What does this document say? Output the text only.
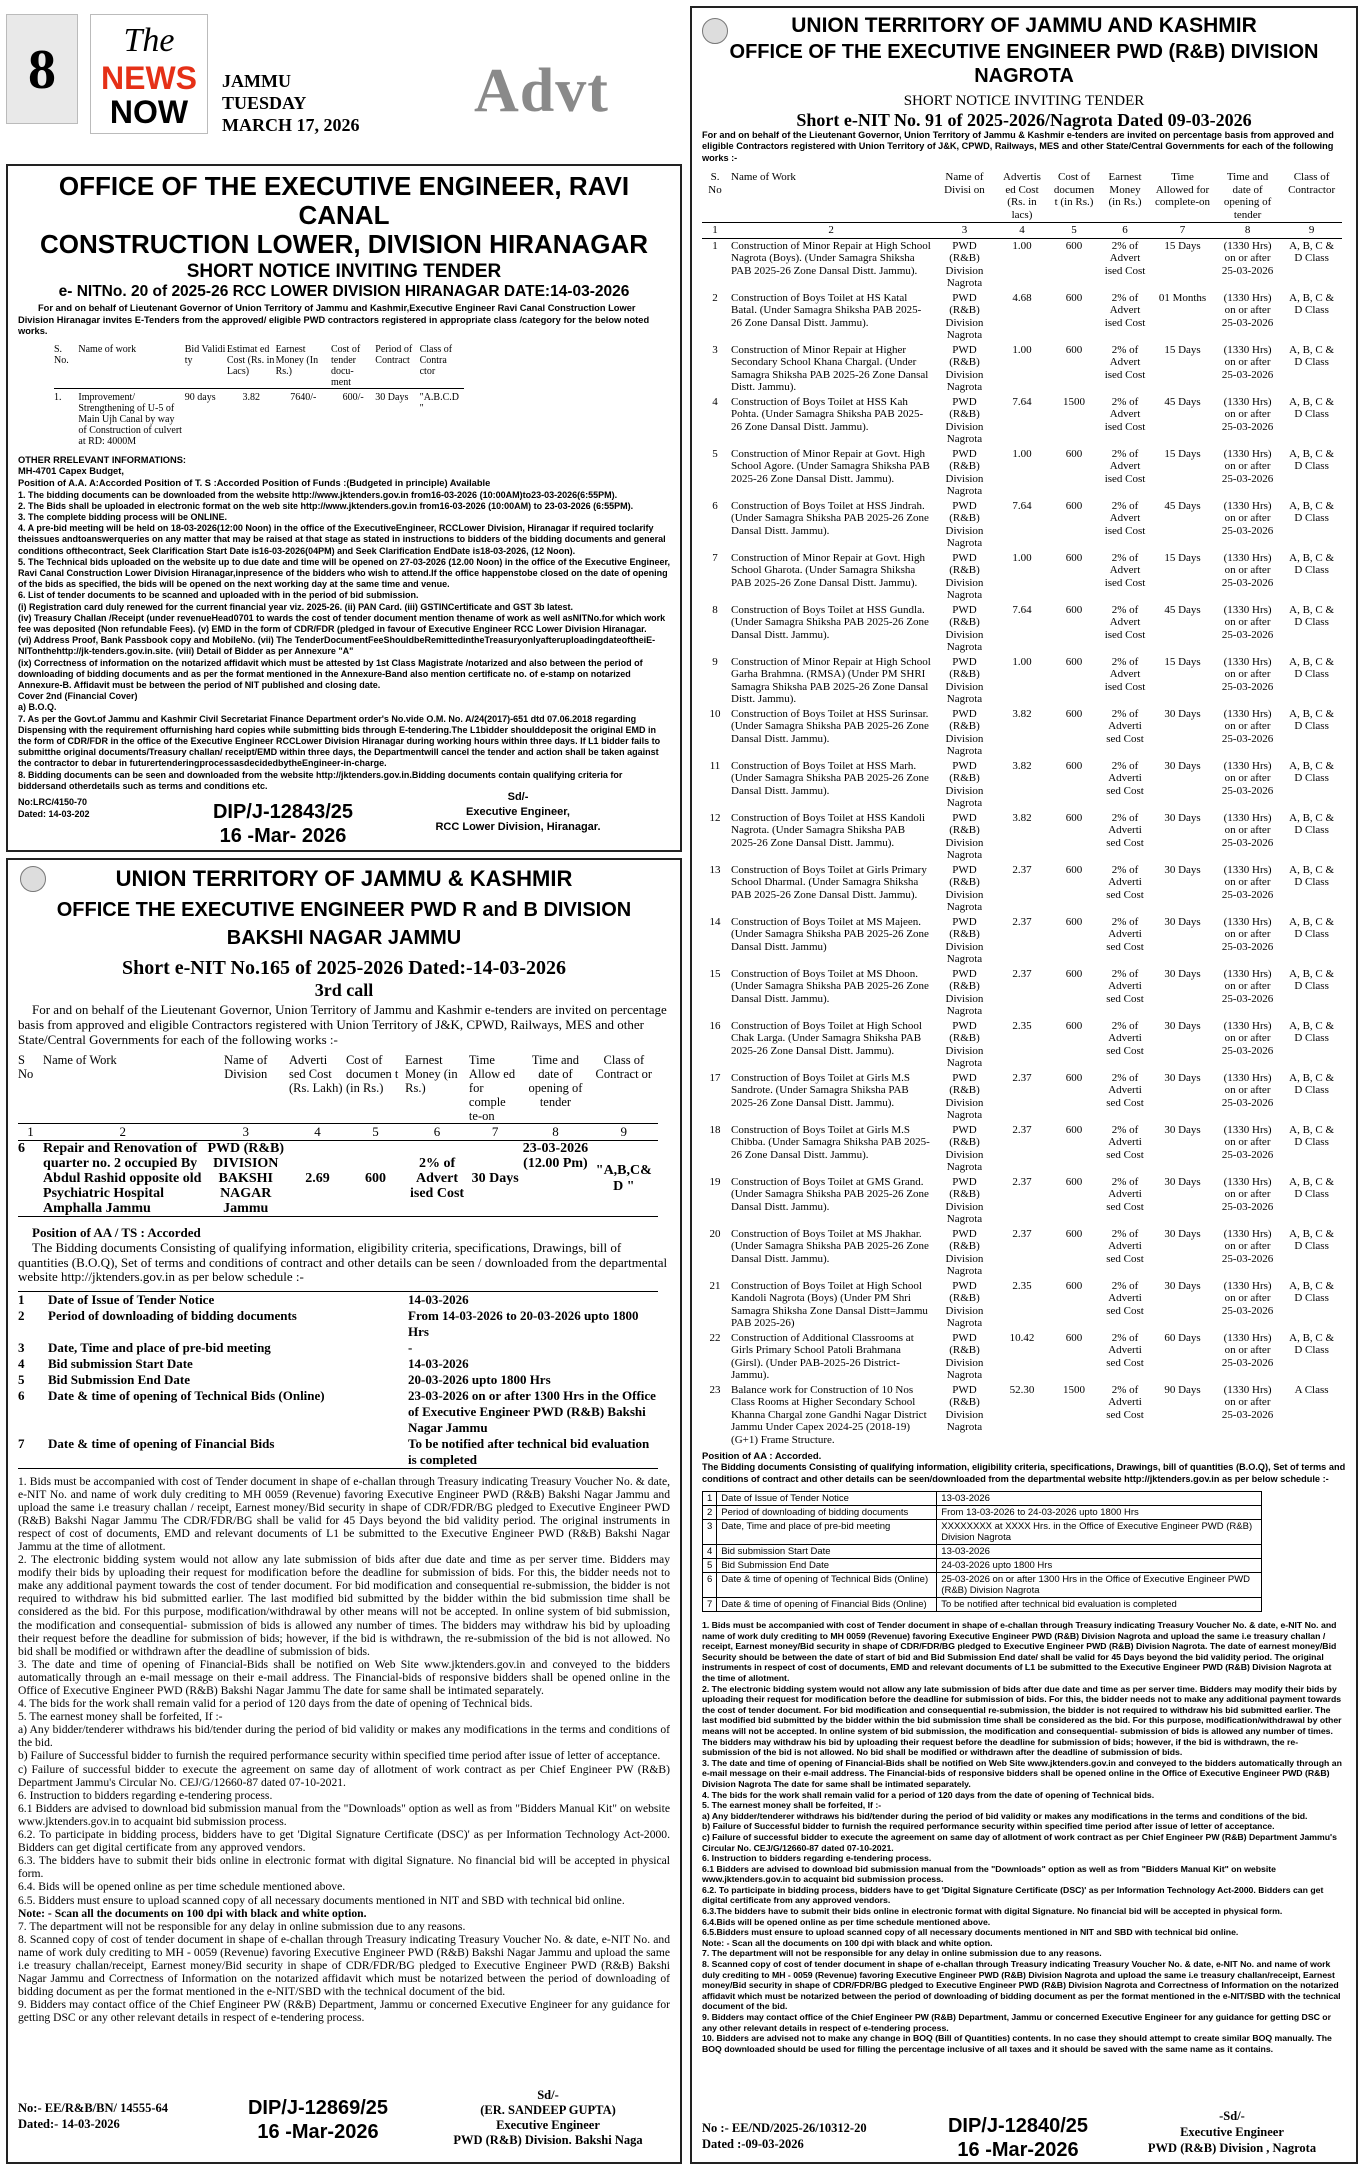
8	The
NEWS
NOW
JAMMU
TUESDAY
MARCH 17, 2026 Advt
OFFICE OF THE EXECUTIVE ENGINEER, RAVI CANAL
CONSTRUCTION LOWER, DIVISION HIRANAGAR
SHORT NOTICE INVITING TENDER
e- NITNo. 20 of 2025-26 RCC LOWER DIVISION HIRANAGAR DATE:14-03-2026
For and on behalf of Lieutenant Governor of Union Territory of Jammu and Kashmir,Executive Engineer Ravi Canal Construction Lower Division Hiranagar invites E-Tenders from the approved/ eligible PWD contractors registered in appropriate class /category for the below noted works.
S. No.	Name of work	Bid Validi ty	Estimat ed Cost (Rs. in Lacs)	Earnest Money (In Rs.)	Cost of tender docu- ment	Period of Contract	Class of Contra ctor
1.	Improvement/ Strengthening of U-5 of Main Ujh Canal by way of Construction of culvert at RD: 4000M	90 days	3.82	7640/-	600/-	30 Days	"A.B.C.D "
OTHER RRELEVANT INFORMATIONS:
MH-4701 Capex Budget,
Position of A.A. A:Accorded Position of T. S :Accorded Position of Funds :(Budgeted in principle) Available

1. The bidding documents can be downloaded from the website http://www.jktenders.gov.in from16-03-2026 (10:00AM)to23-03-2026(6:55PM).

2. The Bids shall be uploaded in electronic format on the web site http://www.jktenders.gov.in from16-03-2026 (10:00AM) to 23-03-2026 (6:55PM).

3. The complete bidding process will be ONLINE.

4. A pre-bid meeting will be held on 18-03-2026(12:00 Noon) in the office of the ExecutiveEngineer, RCCLower Division, Hiranagar if required toclarify theissues andtoanswerqueries on any matter that may be raised at that stage as stated in instructions to bidders of the bidding documents and general conditions ofthecontract, Seek Clarification Start Date is16-03-2026(04PM) and Seek Clarification EndDate is18-03-2026, (12 Noon).

5. The Technical bids uploaded on the website up to due date and time will be opened on 27-03-2026 (12.00 Noon) in the office of the Executive Engineer, Ravi Canal Construction Lower Division Hiranagar,inpresence of the bidders who wish to attend.If the office happenstobe closed on the date of opening of the bids as specified, the bids will be opened on the next working day at the same time and venue.

6. List of tender documents to be scanned and uploaded with in the period of bid submission.

(i) Registration card duly renewed for the current financial year viz. 2025-26. (ii) PAN Card. (iii) GSTINCertificate and GST 3b latest.

(iv) Treasury Challan /Receipt (under revenueHead0701 to wards the cost of tender document mention thename of work as well asNITNo.for which work fee was deposited (Non refundable Fees). (v) EMD in the form of CDR/FDR (pledged in favour of Executive Engineer RCC Lower Division Hiranagar.

(vi) Address Proof, Bank Passbook copy and MobileNo. (vii) The TenderDocumentFeeShouldbeRemittedintheTreasuryonlyafteruploadingdateoftheiE-NITonthehttp://jk-tenders.gov.in.site. (viii) Detail of Bidder as per Annexure "A"

(ix) Correctness of information on the notarized affidavit which must be attested by 1st Class Magistrate /notarized and also between the period of downloading of bidding documents and as per the format mentioned in the Annexure-Band also mention certificate no. of e-stamp on notarized Annexure-B. Affidavit must be between the period of NIT published and closing date.

Cover 2nd (Financial Cover)

a) B.O.Q.

7. As per the Govt.of Jammu and Kashmir Civil Secretariat Finance Department order's No.vide O.M. No. A/24(2017)-651 dtd 07.06.2018 regarding Dispensing with the requirement offurnishing hard copies while submitting bids through E-tendering.The L1bidder shoulddeposit the original EMD in the form of CDR/FDR in the office of the Executive Engineer RCCLower Division Hiranagar during working hours within three days. If L1 bidder fails to submitthe original documents/Treasury challan/ receipt/EMD within three days, the Departmentwill cancel the tender and action shall be taken against the contractor to debar in futurertenderingprocessasdecidedbytheEngineer-in-charge.

8. Bidding documents can be seen and downloaded from the website http://jktenders.gov.in.Bidding documents contain qualifying criteria for biddersand otherdetails such as terms and conditions etc.

No:LRC/4150-70
Dated: 14-03-202	DIP/J-12843/25
16 -Mar- 2026
Sd/-
Executive Engineer,
RCC Lower Division, Hiranagar.
UNION TERRITORY OF JAMMU & KASHMIR
OFFICE THE EXECUTIVE ENGINEER PWD R and B DIVISION BAKSHI NAGAR JAMMU
Short e-NIT No.165 of 2025-2026 Dated:-14-03-2026
3rd call
For and on behalf of the Lieutenant Governor, Union Territory of Jammu and Kashmir e-tenders are invited on percentage basis from approved and eligible Contractors registered with Union Territory of J&K, CPWD, Railways, MES and other State/Central Governments for each of the following works :-
S No	Name of Work	Name of Division	Adverti sed Cost (Rs. Lakh)	Cost of documen t (in Rs.)	Earnest Money (in Rs.)	Time Allow ed for comple te-on	Time and date of opening of tender	Class of Contract or
1	2	3	4	5	6	7	8	9
6	Repair and Renovation of quarter no. 2 occupied By Abdul Rashid opposite old Psychiatric Hospital Amphalla Jammu	PWD (R&B) DIVISION BAKSHI NAGAR Jammu	2.69	600	2% of Advert ised Cost	30 Days	23-03-2026 (12.00 Pm)	"A,B,C& D "
Position of AA / TS : Accorded
The Bidding documents Consisting of qualifying information, eligibility criteria, specifications, Drawings, bill of quantities (B.O.Q), Set of terms and conditions of contract and other details can be seen / downloaded from the departmental website http://jktenders.gov.in as per below schedule :-
1	Date of Issue of Tender Notice	14-03-2026
2	Period of downloading of bidding documents	From 14-03-2026 to 20-03-2026 upto 1800 Hrs
3	Date, Time and place of pre-bid meeting	-
4	Bid submission Start Date	14-03-2026
5	Bid Submission End Date	20-03-2026 upto 1800 Hrs
6	Date & time of opening of Technical Bids (Online)	23-03-2026 on or after 1300 Hrs in the Office of Executive Engineer PWD (R&B) Bakshi Nagar Jammu
7	Date & time of opening of Financial Bids	To be notified after technical bid evaluation is completed

1. Bids must be accompanied with cost of Tender document in shape of e-challan through Treasury indicating Treasury Voucher No. & date, e-NIT No. and name of work duly crediting to MH 0059 (Revenue) favoring Executive Engineer PWD (R&B) Bakshi Nagar Jammu and upload the same i.e treasury challan / receipt, Earnest money/Bid security in shape of CDR/FDR/BG pledged to Executive Engineer PWD (R&B) Bakshi Nagar Jammu The CDR/FDR/BG shall be valid for 45 Days beyond the bid validity period. The original instruments in respect of cost of documents, EMD and relevant documents of L1 be submitted to the Executive Engineer PWD (R&B) Bakshi Nagar Jammu at the time of allotment.

2. The electronic bidding system would not allow any late submission of bids after due date and time as per server time. Bidders may modify their bids by uploading their request for modification before the deadline for submission of bids. For this, the bidder needs not to make any additional payment towards the cost of tender document. For bid modification and consequential re-submission, the bidder is not required to withdraw his bid submitted earlier. The last modified bid submitted by the bidder within the bid submission time shall be considered as the bid. For this purpose, modification/withdrawal by other means will not be accepted. In online system of bid submission, the modification and consequential- submission of bids is allowed any number of times. The bidders may withdraw his bid by uploading their request before the deadline for submission of bids; however, if the bid is withdrawn, the re-submission of the bid is not allowed. No bid shall be modified or withdrawn after the deadline of submission of bids.

3. The date and time of opening of Financial-Bids shall be notified on Web Site www.jktenders.gov.in and conveyed to the bidders automatically through an e-mail message on their e-mail address. The Financial-bids of responsive bidders shall be opened online in the Office of Executive Engineer PWD (R&B) Bakshi Nagar Jammu The date for same shall be intimated separately.

4. The bids for the work shall remain valid for a period of 120 days from the date of opening of Technical bids.

5. The earnest money shall be forfeited, If :-

a) Any bidder/tenderer withdraws his bid/tender during the period of bid validity or makes any modifications in the terms and conditions of the bid.

b) Failure of Successful bidder to furnish the required performance security within specified time period after issue of letter of acceptance.

c) Failure of successful bidder to execute the agreement on same day of allotment of work contract as per Chief Engineer PW (R&B) Department Jammu's Circular No. CEJ/G/12660-87 dated 07-10-2021.

6. Instruction to bidders regarding e-tendering process.

6.1 Bidders are advised to download bid submission manual from the "Downloads" option as well as from "Bidders Manual Kit" on website www.jktenders.gov.in to acquaint bid submission process.

6.2. To participate in bidding process, bidders have to get 'Digital Signature Certificate (DSC)' as per Information Technology Act-2000. Bidders can get digital certificate from any approved vendors.

6.3. The bidders have to submit their bids online in electronic format with digital Signature. No financial bid will be accepted in physical form.

6.4. Bids will be opened online as per time schedule mentioned above.

6.5. Bidders must ensure to upload scanned copy of all necessary documents mentioned in NIT and SBD with technical bid online.

Note: - Scan all the documents on 100 dpi with black and white option.

7. The department will not be responsible for any delay in online submission due to any reasons.

8. Scanned copy of cost of tender document in shape of e-challan through Treasury indicating Treasury Voucher No. & date, e-NIT No. and name of work duly crediting to MH - 0059 (Revenue) favoring Executive Engineer PWD (R&B) Bakshi Nagar Jammu and upload the same i.e treasury challan/receipt, Earnest money/Bid security in shape of CDR/FDR/BG pledged to Executive Engineer PWD (R&B) Bakshi Nagar Jammu and Correctness of Information on the notarized affidavit which must be notarized between the period of downloading of bidding document as per the format mentioned in the e-NIT/SBD with the technical document of the bid.

9. Bidders may contact office of the Chief Engineer PW (R&B) Department, Jammu or concerned Executive Engineer for any guidance for getting DSC or any other relevant details in respect of e-tendering process.

No:- EE/R&B/BN/ 14555-64
Dated:- 14-03-2026
DIP/J-12869/25
16 -Mar-2026
Sd/-
(ER. SANDEEP GUPTA)
Executive Engineer
PWD (R&B) Division. Bakshi Naga
UNION TERRITORY OF JAMMU AND KASHMIR
OFFICE OF THE EXECUTIVE ENGINEER PWD (R&B) DIVISION NAGROTA
SHORT NOTICE INVITING TENDER
Short e-NIT No. 91 of 2025-2026/Nagrota Dated 09-03-2026
For and on behalf of the Lieutenant Governor, Union Territory of Jammu & Kashmir e-tenders are invited on percentage basis from approved and eligible Contractors registered with Union Territory of J&K, CPWD, Railways, MES and other State/Central Governments for each of the following works :-
S. No	Name of Work	Name of Divisi on	Advertis ed Cost (Rs. in lacs)	Cost of documen t (in Rs.)	Earnest Money (in Rs.)	Time Allowed for complete-on	Time and date of opening of tender	Class of Contractor
1	2	3	4	5	6	7	8	9
1	Construction of Minor Repair at High School Nagrota (Boys). (Under Samagra Shiksha PAB 2025-26 Zone Dansal Distt. Jammu).	PWD (R&B) Division Nagrota	1.00	600	2% of Advert ised Cost	15 Days	(1330 Hrs) on or after 25-03-2026	A, B, C & D Class
2	Construction of Boys Toilet at HS Katal Batal. (Under Samagra Shiksha PAB 2025-26 Zone Dansal Distt. Jammu).	PWD (R&B) Division Nagrota	4.68	600	2% of Advert ised Cost	01 Months	(1330 Hrs) on or after 25-03-2026	A, B, C & D Class
3	Construction of Minor Repair at Higher Secondary School Khana Chargal. (Under Samagra Shiksha PAB 2025-26 Zone Dansal Distt. Jammu).	PWD (R&B) Division Nagrota	1.00	600	2% of Advert ised Cost	15 Days	(1330 Hrs) on or after 25-03-2026	A, B, C & D Class
4	Construction of Boys Toilet at HSS Kah Pohta. (Under Samagra Shiksha PAB 2025-26 Zone Dansal Distt. Jammu).	PWD (R&B) Division Nagrota	7.64	1500	2% of Advert ised Cost	45 Days	(1330 Hrs) on or after 25-03-2026	A, B, C & D Class
5	Construction of Minor Repair at Govt. High School Agore. (Under Samagra Shiksha PAB 2025-26 Zone Dansal Distt. Jammu).	PWD (R&B) Division Nagrota	1.00	600	2% of Advert ised Cost	15 Days	(1330 Hrs) on or after 25-03-2026	A, B, C & D Class
6	Construction of Boys Toilet at HSS Jindrah. (Under Samagra Shiksha PAB 2025-26 Zone Dansal Distt. Jammu).	PWD (R&B) Division Nagrota	7.64	600	2% of Advert ised Cost	45 Days	(1330 Hrs) on or after 25-03-2026	A, B, C & D Class
7	Construction of Minor Repair at Govt. High School Gharota. (Under Samagra Shiksha PAB 2025-26 Zone Dansal Distt. Jammu).	PWD (R&B) Division Nagrota	1.00	600	2% of Advert ised Cost	15 Days	(1330 Hrs) on or after 25-03-2026	A, B, C & D Class
8	Construction of Boys Toilet at HSS Gundla. (Under Samagra Shiksha PAB 2025-26 Zone Dansal Distt. Jammu).	PWD (R&B) Division Nagrota	7.64	600	2% of Advert ised Cost	45 Days	(1330 Hrs) on or after 25-03-2026	A, B, C & D Class
9	Construction of Minor Repair at High School Garha Brahmna. (RMSA) (Under PM SHRI Samagra Shiksha PAB 2025-26 Zone Dansal Distt. Jammu).	PWD (R&B) Division Nagrota	1.00	600	2% of Advert ised Cost	15 Days	(1330 Hrs) on or after 25-03-2026	A, B, C & D Class
10	Construction of Boys Toilet at HSS Surinsar. (Under Samagra Shiksha PAB 2025-26 Zone Dansal Distt. Jammu).	PWD (R&B) Division Nagrota	3.82	600	2% of Adverti sed Cost	30 Days	(1330 Hrs) on or after 25-03-2026	A, B, C & D Class
11	Construction of Boys Toilet at HSS Marh. (Under Samagra Shiksha PAB 2025-26 Zone Dansal Distt. Jammu).	PWD (R&B) Division Nagrota	3.82	600	2% of Adverti sed Cost	30 Days	(1330 Hrs) on or after 25-03-2026	A, B, C & D Class
12	Construction of Boys Toilet at HSS Kandoli Nagrota. (Under Samagra Shiksha PAB 2025-26 Zone Dansal Distt. Jammu).	PWD (R&B) Division Nagrota	3.82	600	2% of Adverti sed Cost	30 Days	(1330 Hrs) on or after 25-03-2026	A, B, C & D Class
13	Construction of Boys Toilet at Girls Primary School Dharmal. (Under Samagra Shiksha PAB 2025-26 Zone Dansal Distt. Jammu).	PWD (R&B) Division Nagrota	2.37	600	2% of Adverti sed Cost	30 Days	(1330 Hrs) on or after 25-03-2026	A, B, C & D Class
14	Construction of Boys Toilet at MS Majeen. (Under Samagra Shiksha PAB 2025-26 Zone Dansal Distt. Jammu)	PWD (R&B) Division Nagrota	2.37	600	2% of Adverti sed Cost	30 Days	(1330 Hrs) on or after 25-03-2026	A, B, C & D Class
15	Construction of Boys Toilet at MS Dhoon. (Under Samagra Shiksha PAB 2025-26 Zone Dansal Distt. Jammu).	PWD (R&B) Division Nagrota	2.37	600	2% of Adverti sed Cost	30 Days	(1330 Hrs) on or after 25-03-2026	A, B, C & D Class
16	Construction of Boys Toilet at High School Chak Larga. (Under Samagra Shiksha PAB 2025-26 Zone Dansal Distt. Jammu).	PWD (R&B) Division Nagrota	2.35	600	2% of Adverti sed Cost	30 Days	(1330 Hrs) on or after 25-03-2026	A, B, C & D Class
17	Construction of Boys Toilet at Girls M.S Sandrote. (Under Samagra Shiksha PAB 2025-26 Zone Dansal Distt. Jammu).	PWD (R&B) Division Nagrota	2.37	600	2% of Adverti sed Cost	30 Days	(1330 Hrs) on or after 25-03-2026	A, B, C & D Class
18	Construction of Boys Toilet at Girls M.S Chibba. (Under Samagra Shiksha PAB 2025-26 Zone Dansal Distt. Jammu).	PWD (R&B) Division Nagrota	2.37	600	2% of Adverti sed Cost	30 Days	(1330 Hrs) on or after 25-03-2026	A, B, C & D Class
19	Construction of Boys Toilet at GMS Grand. (Under Samagra Shiksha PAB 2025-26 Zone Dansal Distt. Jammu).	PWD (R&B) Division Nagrota	2.37	600	2% of Adverti sed Cost	30 Days	(1330 Hrs) on or after 25-03-2026	A, B, C & D Class
20	Construction of Boys Toilet at MS Jhakhar. (Under Samagra Shiksha PAB 2025-26 Zone Dansal Distt. Jammu).	PWD (R&B) Division Nagrota	2.37	600	2% of Adverti sed Cost	30 Days	(1330 Hrs) on or after 25-03-2026	A, B, C & D Class
21	Construction of Boys Toilet at High School Kandoli Nagrota (Boys) (Under PM Shri Samagra Shiksha Zone Dansal Distt=Jammu PAB 2025-26)	PWD (R&B) Division Nagrota	2.35	600	2% of Adverti sed Cost	30 Days	(1330 Hrs) on or after 25-03-2026	A, B, C & D Class
22	Construction of Additional Classrooms at Girls Primary School Patoli Brahmana (Girsl). (Under PAB-2025-26 District-Jammu).	PWD (R&B) Division Nagrota	10.42	600	2% of Adverti sed Cost	60 Days	(1330 Hrs) on or after 25-03-2026	A, B, C & D Class
23	Balance work for Construction of 10 Nos Class Rooms at Higher Secondary School Khanna Chargal zone Gandhi Nagar District Jammu Under Capex 2024-25 (2018-19) (G+1) Frame Structure.	PWD (R&B) Division Nagrota	52.30	1500	2% of Adverti sed Cost	90 Days	(1330 Hrs) on or after 25-03-2026	A Class
Position of AA : Accorded.
The Bidding documents Consisting of qualifying information, eligibility criteria, specifications, Drawings, bill of quantities (B.O.Q), Set of terms and conditions of contract and other details can be seen/downloaded from the departmental website http://jktenders.gov.in as per below schedule :-
1	Date of Issue of Tender Notice	13-03-2026
2	Period of downloading of bidding documents	From 13-03-2026 to 24-03-2026 upto 1800 Hrs
3	Date, Time and place of pre-bid meeting	XXXXXXXX at XXXX Hrs. in the Office of Executive Engineer PWD (R&B) Division Nagrota
4	Bid submission Start Date	13-03-2026
5	Bid Submission End Date	24-03-2026 upto 1800 Hrs
6	Date & time of opening of Technical Bids (Online)	25-03-2026 on or after 1300 Hrs in the Office of Executive Engineer PWD (R&B) Division Nagrota
7	Date & time of opening of Financial Bids (Online)	To be notified after technical bid evaluation is completed

1. Bids must be accompanied with cost of Tender document in shape of e-challan through Treasury indicating Treasury Voucher No. & date, e-NIT No. and name of work duly crediting to MH 0059 (Revenue) favoring Executive Engineer PWD (R&B) Division Nagrota and upload the same i.e treasury challan / receipt, Earnest money/Bid security in shape of CDR/FDR/BG pledged to Executive Engineer PWD (R&B) Division Nagrota. The date of earnest money/Bid Security should be between the date of start of bid and Bid Submission End date/ shall be valid for 45 Days beyond the bid validity period. The original instruments in respect of cost of documents, EMD and relevant documents of L1 be submitted to the Executive Engineer PWD (R&B) Division Nagrota at the time of allotment.

2. The electronic bidding system would not allow any late submission of bids after due date and time as per server time. Bidders may modify their bids by uploading their request for modification before the deadline for submission of bids. For this, the bidder needs not to make any additional payment towards the cost of tender document. For bid modification and consequential re-submission, the bidder is not required to withdraw his bid submitted earlier. The last modified bid submitted by the bidder within the bid submission time shall be considered as the bid. For this purpose, modification/withdrawal by other means will not be accepted. In online system of bid submission, the modification and consequential- submission of bids is allowed any number of times. The bidders may withdraw his bid by uploading their request before the deadline for submission of bids; however, if the bid is withdrawn, the re-submission of the bid is not allowed. No bid shall be modified or withdrawn after the deadline of submission of bids.

3. The date and time of opening of Financial-Bids shall be notified on Web Site www.jktenders.gov.in and conveyed to the bidders automatically through an e-mail message on their e-mail address. The Financial-bids of responsive bidders shall be opened online in the Office of Executive Engineer PWD (R&B) Division Nagrota The date for same shall be intimated separately.

4. The bids for the work shall remain valid for a period of 120 days from the date of opening of Technical bids.

5. The earnest money shall be forfeited, If :-

a) Any bidder/tenderer withdraws his bid/tender during the period of bid validity or makes any modifications in the terms and conditions of the bid.

b) Failure of Successful bidder to furnish the required performance security within specified time period after issue of letter of acceptance.

c) Failure of successful bidder to execute the agreement on same day of allotment of work contract as per Chief Engineer PW (R&B) Department Jammu's Circular No. CEJ/G/12660-87 dated 07-10-2021.

6. Instruction to bidders regarding e-tendering process.

6.1 Bidders are advised to download bid submission manual from the "Downloads" option as well as from "Bidders Manual Kit" on website www.jktenders.gov.in to acquaint bid submission process.

6.2. To participate in bidding process, bidders have to get 'Digital Signature Certificate (DSC)' as per Information Technology Act-2000. Bidders can get digital certificate from any approved vendors.

6.3.The bidders have to submit their bids online in electronic format with digital Signature. No financial bid will be accepted in physical form.

6.4.Bids will be opened online as per time schedule mentioned above.

6.5.Bidders must ensure to upload scanned copy of all necessary documents mentioned in NIT and SBD with technical bid online.

Note: - Scan all the documents on 100 dpi with black and white option.

7. The department will not be responsible for any delay in online submission due to any reasons.

8. Scanned copy of cost of tender document in shape of e-challan through Treasury indicating Treasury Voucher No. & date, e-NIT No. and name of work duly crediting to MH - 0059 (Revenue) favoring Executive Engineer PWD (R&B) Division Nagrota and upload the same i.e treasury challan/receipt, Earnest money/Bid security in shape of CDR/FDR/BG pledged to Executive Engineer PWD (R&B) Division Nagrota and Correctness of Information on the notarized affidavit which must be notarized between the period of downloading of bidding document as per the format mentioned in the e-NIT/SBD with the technical document of the bid.

9. Bidders may contact office of the Chief Engineer PW (R&B) Department, Jammu or concerned Executive Engineer for any guidance for getting DSC or any other relevant details in respect of e-tendering process.

10. Bidders are advised not to make any change in BOQ (Bill of Quantities) contents. In no case they should attempt to create similar BOQ manually. The BOQ downloaded should be used for filling the percentage inclusive of all taxes and it should be saved with the same name as it contains.

No :- EE/ND/2025-26/10312-20
Dated :-09-03-2026
DIP/J-12840/25
16 -Mar-2026
-Sd/-
Executive Engineer
PWD (R&B) Division , Nagrota
